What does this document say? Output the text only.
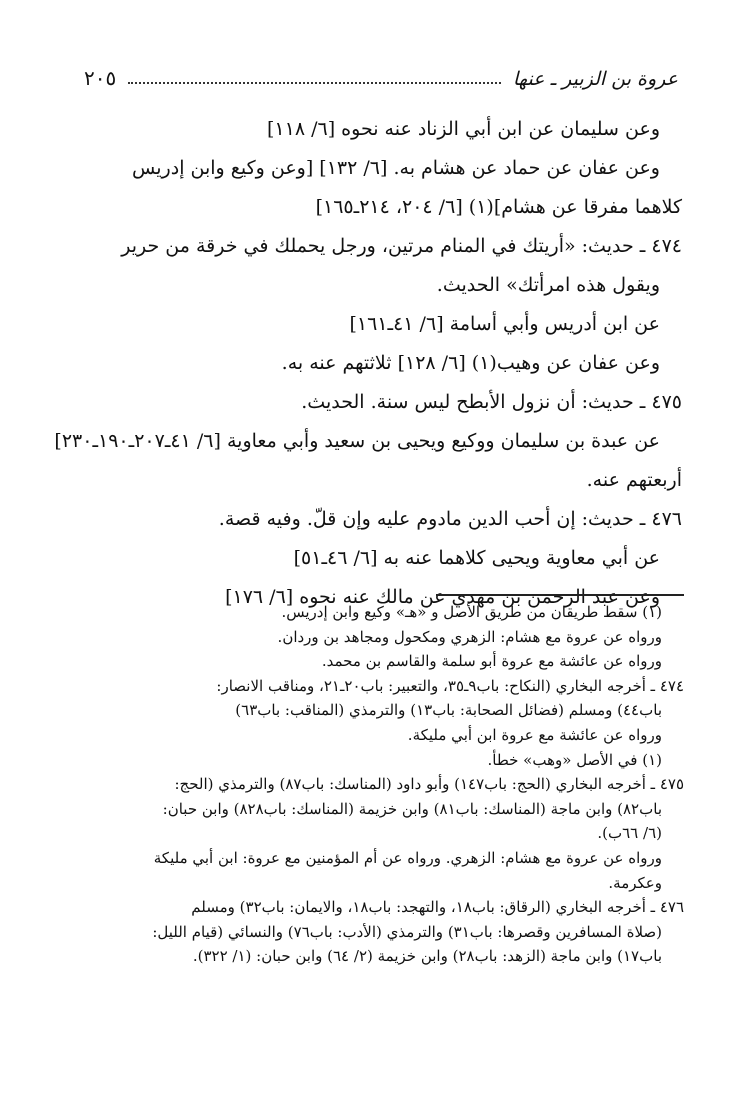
عروة بن الزبير ـ عنها
٢٠٥
وعن سليمان عن ابن أبي الزناد عنه نحوه [٦/ ١١٨]
وعن عفان عن حماد عن هشام به. [٦/ ١٣٢] [وعن وكيع وابن إدريس
كلاهما مفرقا عن هشام](١) [٦/ ٢٠٤، ٢١٤ـ١٦٥]
٤٧٤ ـ حديث: «أريتك في المنام مرتين، ورجل يحملك في خرقة من حرير
ويقول هذه امرأتك» الحديث.
عن ابن أدريس وأبي أسامة [٦/ ٤١ـ١٦١]
وعن عفان عن وهيب(١) [٦/ ١٢٨] ثلاثتهم عنه به.
٤٧٥ ـ حديث: أن نزول الأبطح ليس سنة. الحديث.
عن عبدة بن سليمان ووكيع ويحيى بن سعيد وأبي معاوية [٦/ ٤١ـ٢٠٧ـ١٩٠ـ٢٣٠]
أربعتهم عنه.
٤٧٦ ـ حديث: إن أحب الدين مادوم عليه وإن قلّ. وفيه قصة.
عن أبي معاوية ويحيى كلاهما عنه به [٦/ ٤٦ـ٥١]
وعن عبد الرحمن بن مهدي عن مالك عنه نحوه [٦/ ١٧٦]
(١) سقط طريقان من طريق الأصل و «هـ» وكيع وابن إدريس.
ورواه عن عروة مع هشام: الزهري ومكحول ومجاهد بن وردان.
ورواه عن عائشة مع عروة أبو سلمة والقاسم بن محمد.
٤٧٤ ـ أخرجه البخاري (النكاح: باب٩ـ٣٥، والتعبير: باب٢٠ـ٢١، ومناقب الانصار:
باب٤٤) ومسلم (فضائل الصحابة: باب١٣) والترمذي (المناقب: باب٦٣)
ورواه عن عائشة مع عروة ابن أبي مليكة.
(١) في الأصل «وهب» خطأ.
٤٧٥ ـ أخرجه البخاري (الحج: باب١٤٧) وأبو داود (المناسك: باب٨٧) والترمذي (الحج:
باب٨٢) وابن ماجة (المناسك: باب٨١) وابن خزيمة (المناسك: باب٨٢٨) وابن حبان:
(٦/ ٦٦ب).
ورواه عن عروة مع هشام: الزهري. ورواه عن أم المؤمنين مع عروة: ابن أبي مليكة
وعكرمة.
٤٧٦ ـ أخرجه البخاري (الرقاق: باب١٨، والتهجد: باب١٨، والايمان: باب٣٢) ومسلم
(صلاة المسافرين وقصرها: باب٣١) والترمذي (الأدب: باب٧٦) والنسائي (قيام الليل:
باب١٧) وابن ماجة (الزهد: باب٢٨) وابن خزيمة (٢/ ٦٤) وابن حبان: (١/ ٣٢٢).
